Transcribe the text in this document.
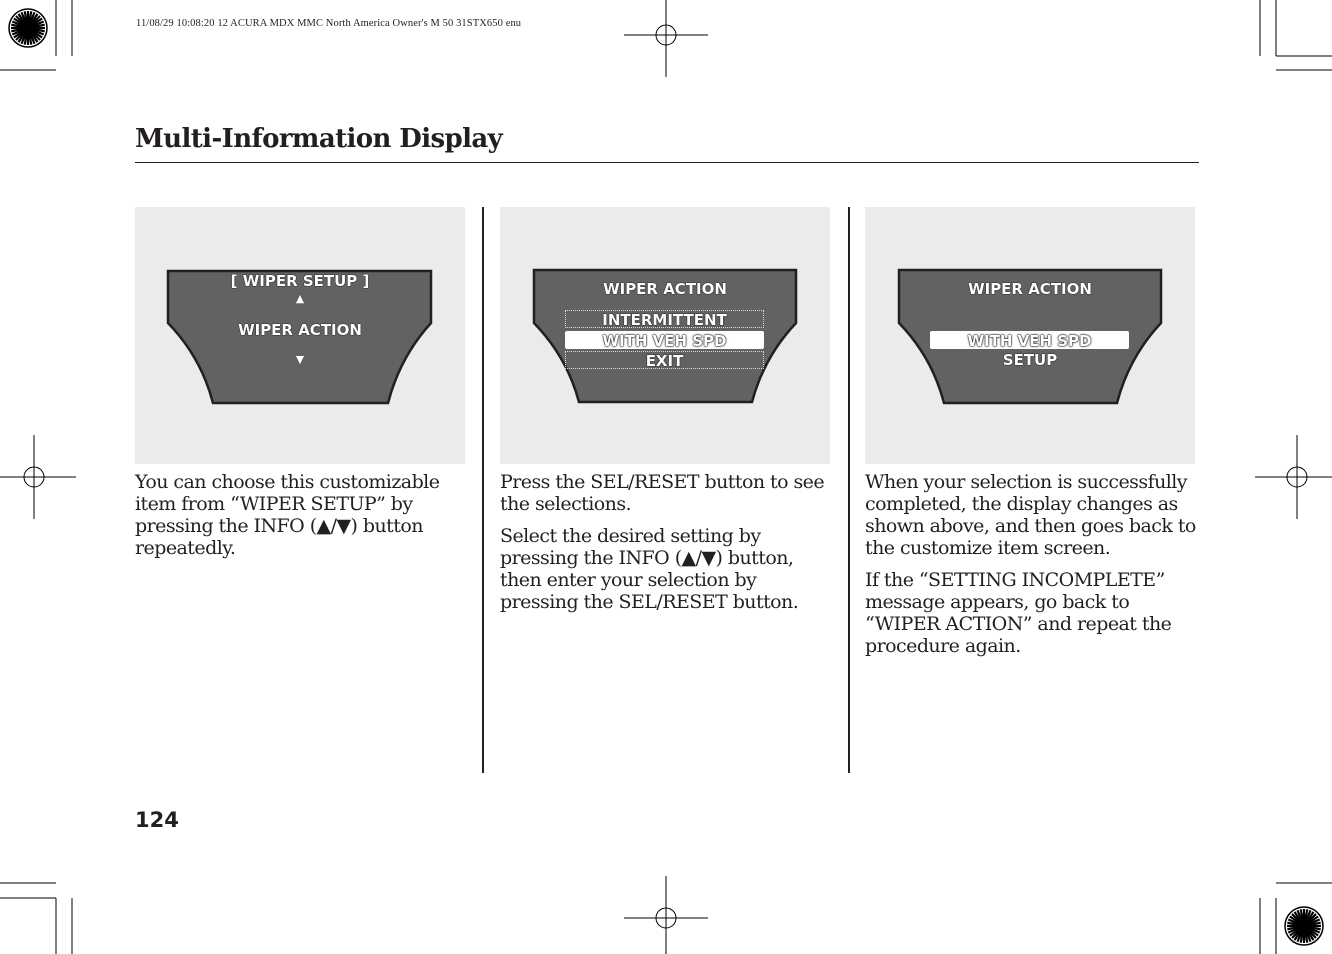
11/08/29 10:08:20 12 ACURA MDX MMC North America Owner's M 50 31STX650 enu
Multi-Information Display
[ WIPER SETUP ]
▲
WIPER ACTION
▼
WIPER ACTION
INTERMITTENT
WITH VEH SPD
EXIT
WIPER ACTION
WITH VEH SPD
SETUP

You can choose this customizable item from “WIPER SETUP” by pressing the INFO (▲/▼) button repeatedly.

Press the SEL/RESET button to see the selections.

Select the desired setting by pressing the INFO (▲/▼) button, then enter your selection by pressing the SEL/RESET button.

When your selection is successfully completed, the display changes as shown above, and then goes back to the customize item screen.

If the “SETTING INCOMPLETE” message appears, go back to “WIPER ACTION” and repeat the procedure again.

124
